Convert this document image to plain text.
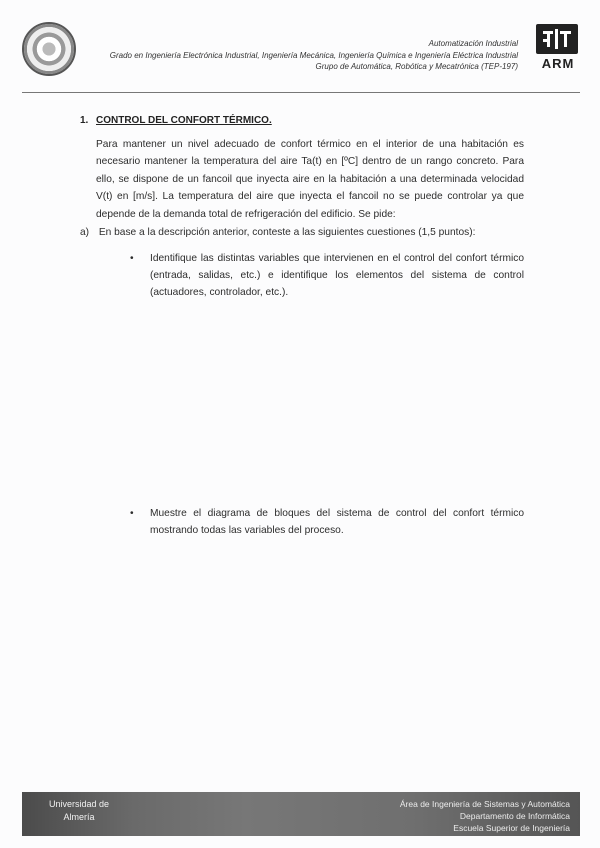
Automatización Industrial
Grado en Ingeniería Electrónica Industrial, Ingeniería Mecánica, Ingeniería Química e Ingeniería Eléctrica Industrial
Grupo de Automática, Robótica y Mecatrónica (TEP-197)	ARM
1. CONTROL DEL CONFORT TÉRMICO.
Para mantener un nivel adecuado de confort térmico en el interior de una habitación es necesario mantener la temperatura del aire Ta(t) en [ºC] dentro de un rango concreto. Para ello, se dispone de un fancoil que inyecta aire en la habitación a una determinada velocidad V(t) en [m/s]. La temperatura del aire que inyecta el fancoil no se puede controlar ya que depende de la demanda total de refrigeración del edificio. Se pide:
a) En base a la descripción anterior, conteste a las siguientes cuestiones (1,5 puntos):
• Identifique las distintas variables que intervienen en el control del confort térmico (entrada, salidas, etc.) e identifique los elementos del sistema de control (actuadores, controlador, etc.).
• Muestre el diagrama de bloques del sistema de control del confort térmico mostrando todas las variables del proceso.
Universidad de
Almería
Área de Ingeniería de Sistemas y Automática
Departamento de Informática
Escuela Superior de Ingeniería
